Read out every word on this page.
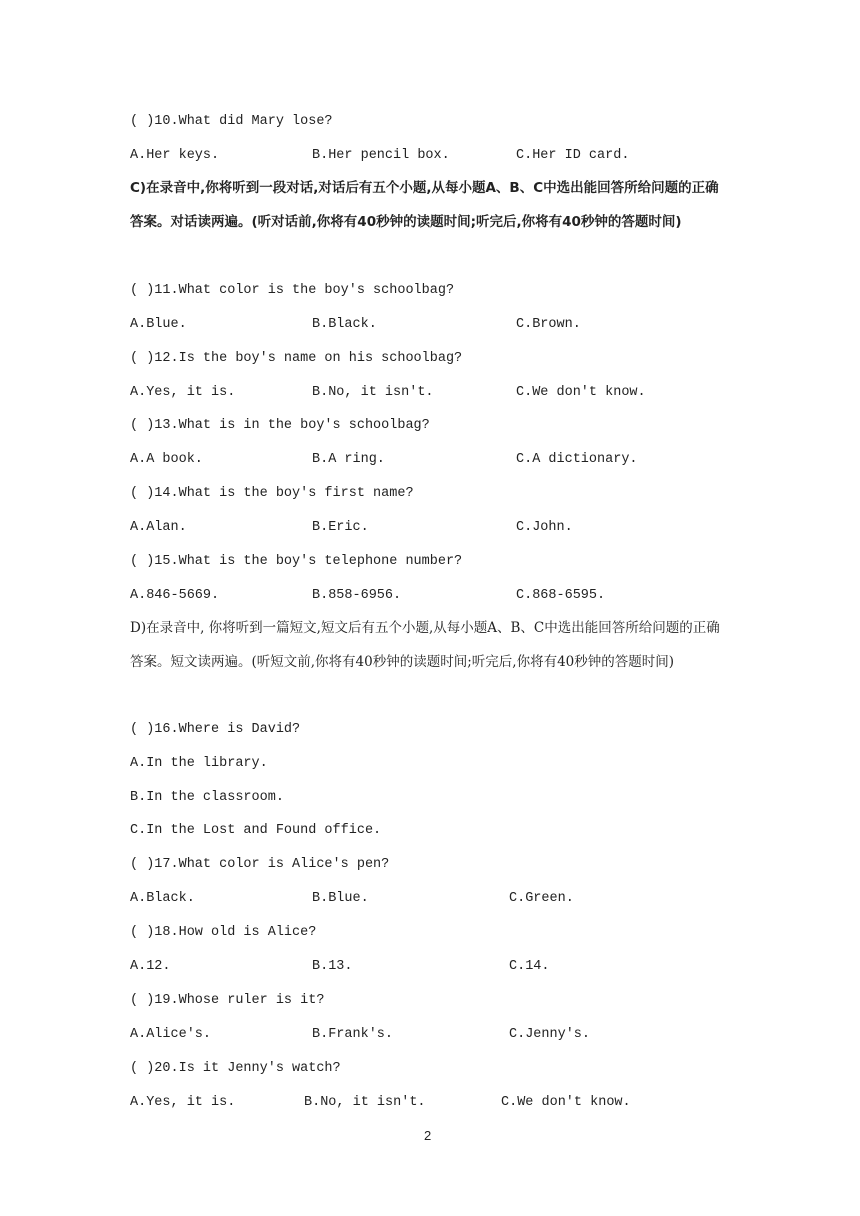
( )10.What did Mary lose?
A.Her keys.	B.Her pencil box.	C.Her ID card.
C)在录音中,你将听到一段对话,对话后有五个小题,从每小题A、B、C中选出能回答所给问题的正确答案。对话读两遍。(听对话前,你将有40秒钟的读题时间;听完后,你将有40秒钟的答题时间)
( )11.What color is the boy′s schoolbag?
A.Blue.	B.Black.	C.Brown.
( )12.Is the boy′s name on his schoolbag?
A.Yes, it is.	B.No, it isn′t.	C.We don′t know.
( )13.What is in the boy′s schoolbag?
A.A book.	B.A ring.	C.A dictionary.
( )14.What is the boy′s first name?
A.Alan.	B.Eric.	C.John.
( )15.What is the boy′s telephone number?
A.846-5669.	B.858-6956.	C.868-6595.
D)在录音中, 你将听到一篇短文,短文后有五个小题,从每小题A、B、C中选出能回答所给问题的正确答案。短文读两遍。(听短文前,你将有40秒钟的读题时间;听完后,你将有40秒钟的答题时间)
( )16.Where is David?
A.In the library.
B.In the classroom.
C.In the Lost and Found office.
( )17.What color is Alice′s pen?
A.Black.	B.Blue.	C.Green.
( )18.How old is Alice?
A.12.	B.13.	C.14.
( )19.Whose ruler is it?
A.Alice′s.	B.Frank′s.	C.Jenny′s.
( )20.Is it Jenny′s watch?
A.Yes, it is.	B.No, it isn′t.	C.We don′t know.
2
